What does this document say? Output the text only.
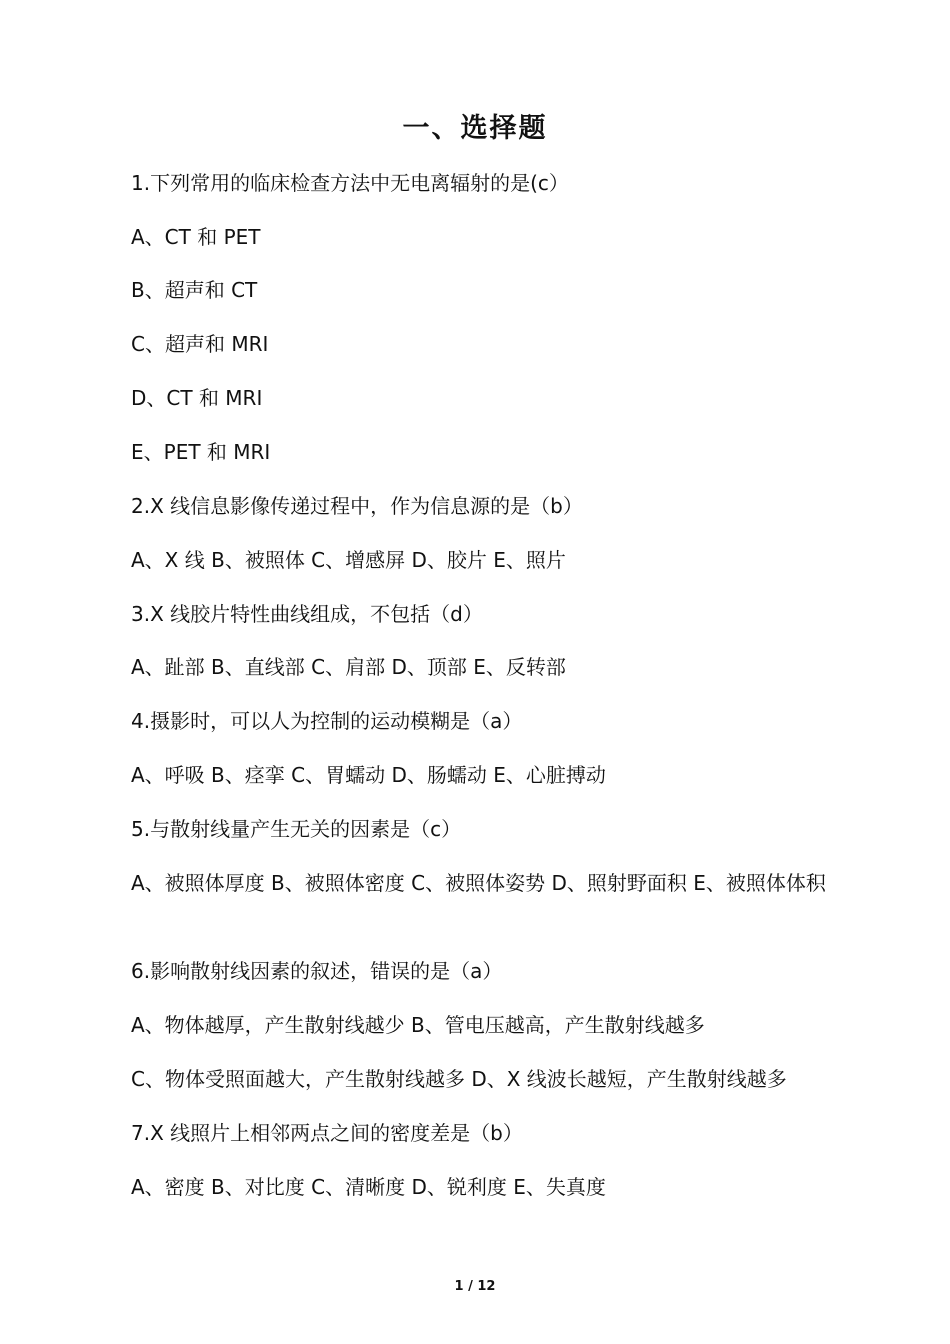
一、选择题
1.下列常用的临床检查方法中无电离辐射的是(c）
A、CT 和 PET
B、超声和 CT
C、超声和 MRI
D、CT 和 MRI
E、PET 和 MRI
2.X 线信息影像传递过程中，作为信息源的是（b）
A、X 线 B、被照体 C、增感屏 D、胶片 E、照片
3.X 线胶片特性曲线组成，不包括（d）
A、趾部 B、直线部 C、肩部 D、顶部 E、反转部
4.摄影时，可以人为控制的运动模糊是（a）
A、呼吸 B、痉挛 C、胃蠕动 D、肠蠕动 E、心脏搏动
5.与散射线量产生无关的因素是（c）
A、被照体厚度 B、被照体密度 C、被照体姿势 D、照射野面积 E、被照体体积
6.影响散射线因素的叙述，错误的是（a）
A、物体越厚，产生散射线越少 B、管电压越高，产生散射线越多
C、物体受照面越大，产生散射线越多 D、X 线波长越短，产生散射线越多
7.X 线照片上相邻两点之间的密度差是（b）
A、密度 B、对比度 C、清晰度 D、锐利度 E、失真度
1 / 12
